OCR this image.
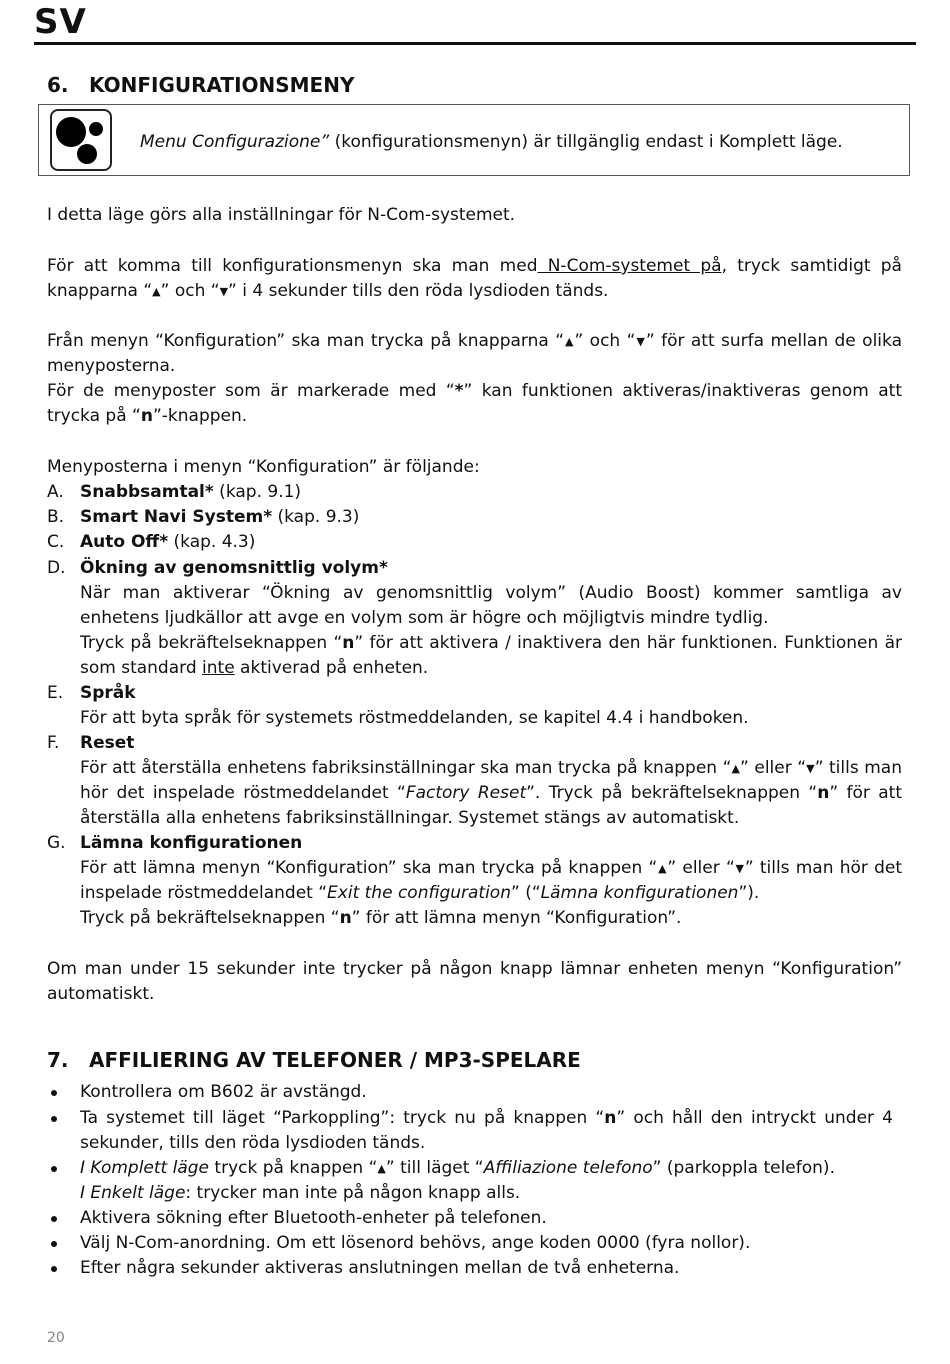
SV
6. KONFIGURATIONSMENY
Menu Configurazione” (konfigurationsmenyn) är tillgänglig endast i Komplett läge.

I detta läge görs alla inställningar för N-Com-systemet.

För att komma till konfigurationsmenyn ska man med N-Com-systemet på, tryck samtidigt på knapparna “▲” och “▼” i 4 sekunder tills den röda lysdioden tänds.

Från menyn “Konfiguration” ska man trycka på knapparna “▲” och “▼” för att surfa mellan de olika menyposterna.

För de menyposter som är markerade med “*” kan funktionen aktiveras/inaktiveras genom att trycka på “n”-knappen.

Menyposterna i menyn “Konfiguration” är följande:

A. Snabbsamtal* (kap. 9.1)
B. Smart Navi System* (kap. 9.3)
C. Auto Off* (kap. 4.3)
D. Ökning av genomsnittlig volym*

När man aktiverar “Ökning av genomsnittlig volym” (Audio Boost) kommer samtliga av enhetens ljudkällor att avge en volym som är högre och möjligtvis mindre tydlig.

Tryck på bekräftelseknappen “n” för att aktivera / inaktivera den här funktionen. Funktionen är som standard inte aktiverad på enheten.

E. Språk

För att byta språk för systemets röstmeddelanden, se kapitel 4.4 i handboken.

F. Reset

För att återställa enhetens fabriksinställningar ska man trycka på knappen “▲” eller “▼” tills man hör det inspelade röstmeddelandet “Factory Reset”. Tryck på bekräftelseknappen “n” för att återställa alla enhetens fabriksinställningar. Systemet stängs av automatiskt.

G. Lämna konfigurationen

För att lämna menyn “Konfiguration” ska man trycka på knappen “▲” eller “▼” tills man hör det inspelade röstmeddelandet “Exit the configuration” (“Lämna konfigurationen”).

Tryck på bekräftelseknappen “n” för att lämna menyn “Konfiguration”.

Om man under 15 sekunder inte trycker på någon knapp lämnar enheten menyn “Konfiguration” automatiskt.

7. AFFILIERING AV TELEFONER / MP3-SPELARE
Kontrollera om B602 är avstängd.
Ta systemet till läget “Parkoppling”: tryck nu på knappen “n” och håll den intryckt under 4 sekunder, tills den röda lysdioden tänds.

I Komplett läge tryck på knappen “▲” till läget “Affiliazione telefono” (parkoppla telefon).

I Enkelt läge: trycker man inte på någon knapp alls.

Aktivera sökning efter Bluetooth-enheter på telefonen.
Välj N-Com-anordning. Om ett lösenord behövs, ange koden 0000 (fyra nollor).
Efter några sekunder aktiveras anslutningen mellan de två enheterna.
20
